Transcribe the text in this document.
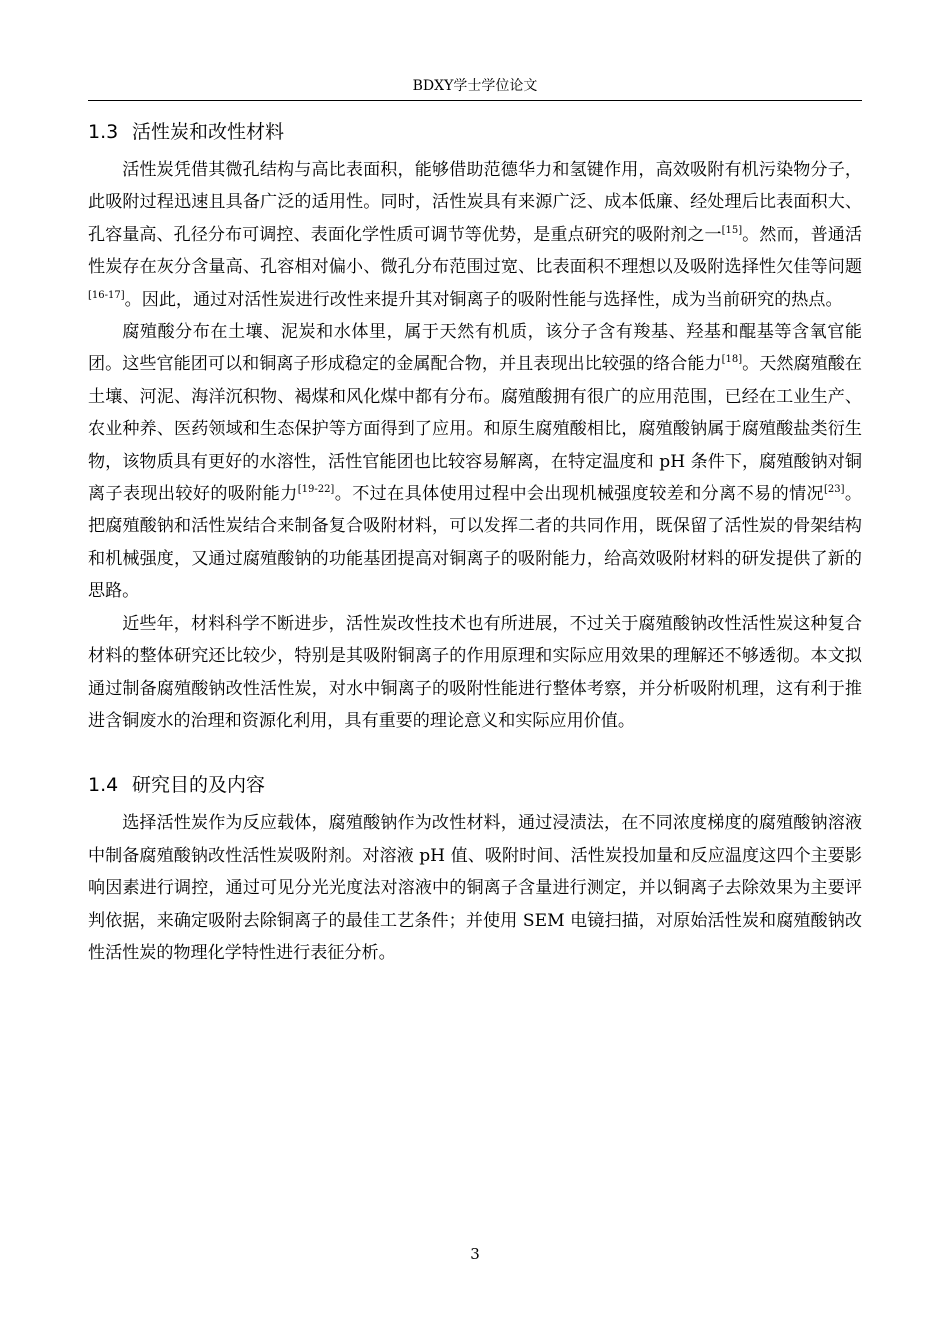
BDXY学士学位论文
1.3 活性炭和改性材料

活性炭凭借其微孔结构与高比表面积，能够借助范德华力和氢键作用，高效吸附有机污染物分子，此吸附过程迅速且具备广泛的适用性。同时，活性炭具有来源广泛、成本低廉、经处理后比表面积大、孔容量高、孔径分布可调控、表面化学性质可调节等优势，是重点研究的吸附剂之一[15]。然而，普通活性炭存在灰分含量高、孔容相对偏小、微孔分布范围过宽、比表面积不理想以及吸附选择性欠佳等问题[16-17]。因此，通过对活性炭进行改性来提升其对铜离子的吸附性能与选择性，成为当前研究的热点。

腐殖酸分布在土壤、泥炭和水体里，属于天然有机质，该分子含有羧基、羟基和醌基等含氧官能团。这些官能团可以和铜离子形成稳定的金属配合物，并且表现出比较强的络合能力[18]。天然腐殖酸在土壤、河泥、海洋沉积物、褐煤和风化煤中都有分布。腐殖酸拥有很广的应用范围，已经在工业生产、农业种养、医药领域和生态保护等方面得到了应用。和原生腐殖酸相比，腐殖酸钠属于腐殖酸盐类衍生物，该物质具有更好的水溶性，活性官能团也比较容易解离，在特定温度和 pH 条件下，腐殖酸钠对铜离子表现出较好的吸附能力[19-22]。不过在具体使用过程中会出现机械强度较差和分离不易的情况[23]。把腐殖酸钠和活性炭结合来制备复合吸附材料，可以发挥二者的共同作用，既保留了活性炭的骨架结构和机械强度，又通过腐殖酸钠的功能基团提高对铜离子的吸附能力，给高效吸附材料的研发提供了新的思路。

近些年，材料科学不断进步，活性炭改性技术也有所进展，不过关于腐殖酸钠改性活性炭这种复合材料的整体研究还比较少，特别是其吸附铜离子的作用原理和实际应用效果的理解还不够透彻。本文拟通过制备腐殖酸钠改性活性炭，对水中铜离子的吸附性能进行整体考察，并分析吸附机理，这有利于推进含铜废水的治理和资源化利用，具有重要的理论意义和实际应用价值。

1.4 研究目的及内容

选择活性炭作为反应载体，腐殖酸钠作为改性材料，通过浸渍法，在不同浓度梯度的腐殖酸钠溶液中制备腐殖酸钠改性活性炭吸附剂。对溶液 pH 值、吸附时间、活性炭投加量和反应温度这四个主要影响因素进行调控，通过可见分光光度法对溶液中的铜离子含量进行测定，并以铜离子去除效果为主要评判依据，来确定吸附去除铜离子的最佳工艺条件；并使用 SEM 电镜扫描，对原始活性炭和腐殖酸钠改性活性炭的物理化学特性进行表征分析。

3
